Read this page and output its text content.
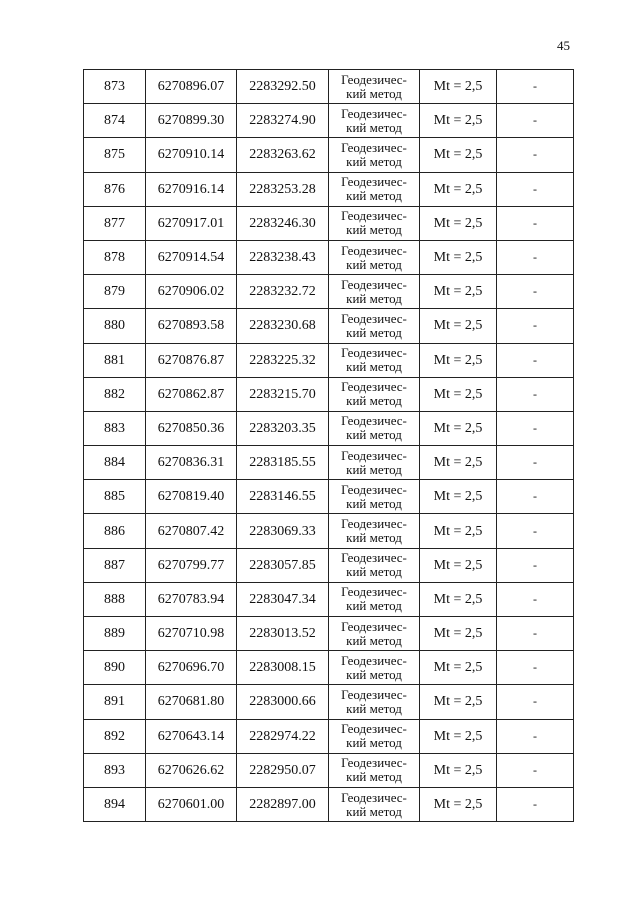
45
873	6270896.07	2283292.50	Геодезичес-
кий метод	Mt = 2,5	-
874	6270899.30	2283274.90	Геодезичес-
кий метод	Mt = 2,5	-
875	6270910.14	2283263.62	Геодезичес-
кий метод	Mt = 2,5	-
876	6270916.14	2283253.28	Геодезичес-
кий метод	Mt = 2,5	-
877	6270917.01	2283246.30	Геодезичес-
кий метод	Mt = 2,5	-
878	6270914.54	2283238.43	Геодезичес-
кий метод	Mt = 2,5	-
879	6270906.02	2283232.72	Геодезичес-
кий метод	Mt = 2,5	-
880	6270893.58	2283230.68	Геодезичес-
кий метод	Mt = 2,5	-
881	6270876.87	2283225.32	Геодезичес-
кий метод	Mt = 2,5	-
882	6270862.87	2283215.70	Геодезичес-
кий метод	Mt = 2,5	-
883	6270850.36	2283203.35	Геодезичес-
кий метод	Mt = 2,5	-
884	6270836.31	2283185.55	Геодезичес-
кий метод	Mt = 2,5	-
885	6270819.40	2283146.55	Геодезичес-
кий метод	Mt = 2,5	-
886	6270807.42	2283069.33	Геодезичес-
кий метод	Mt = 2,5	-
887	6270799.77	2283057.85	Геодезичес-
кий метод	Mt = 2,5	-
888	6270783.94	2283047.34	Геодезичес-
кий метод	Mt = 2,5	-
889	6270710.98	2283013.52	Геодезичес-
кий метод	Mt = 2,5	-
890	6270696.70	2283008.15	Геодезичес-
кий метод	Mt = 2,5	-
891	6270681.80	2283000.66	Геодезичес-
кий метод	Mt = 2,5	-
892	6270643.14	2282974.22	Геодезичес-
кий метод	Mt = 2,5	-
893	6270626.62	2282950.07	Геодезичес-
кий метод	Mt = 2,5	-
894	6270601.00	2282897.00	Геодезичес-
кий метод	Mt = 2,5	-
